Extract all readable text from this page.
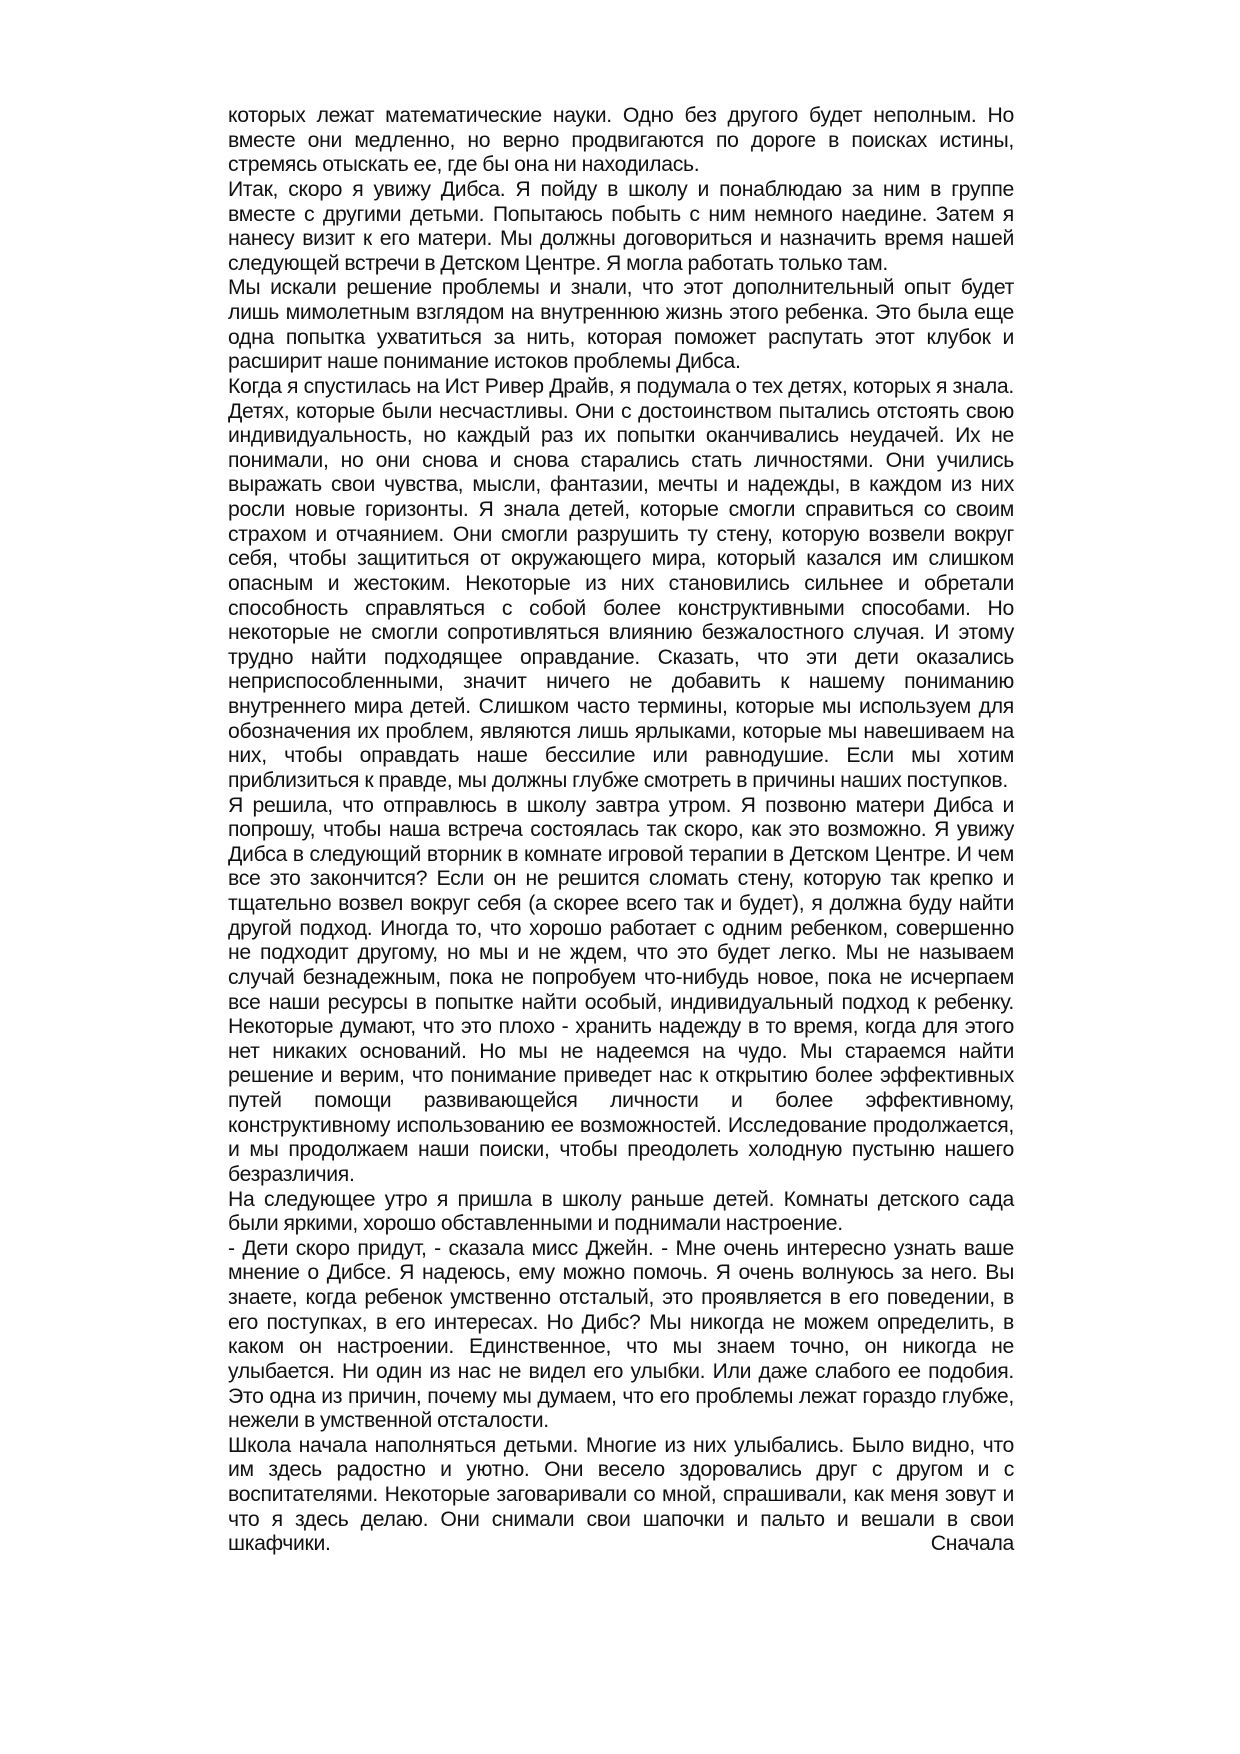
которых лежат математические науки. Одно без другого будет неполным. Но вместе они медленно, но верно продвигаются по дороге в поисках истины, стремясь отыскать ее, где бы она ни находилась.

Итак, скоро я увижу Дибса. Я пойду в школу и понаблюдаю за ним в группе вместе с другими детьми. Попытаюсь побыть с ним немного наедине. Затем я нанесу визит к его матери. Мы должны договориться и назначить время нашей следующей встречи в Детском Центре. Я могла работать только там.

Мы искали решение проблемы и знали, что этот дополнительный опыт будет лишь мимолетным взглядом на внутреннюю жизнь этого ребенка. Это была еще одна попытка ухватиться за нить, которая поможет распутать этот клубок и расширит наше понимание истоков проблемы Дибса.

Когда я спустилась на Ист Ривер Драйв, я подумала о тех детях, которых я знала. Детях, которые были несчастливы. Они с достоинством пытались отстоять свою индивидуальность, но каждый раз их попытки оканчивались неудачей. Их не понимали, но они снова и снова старались стать личностями. Они учились выражать свои чувства, мысли, фантазии, мечты и надежды, в каждом из них росли новые горизонты. Я знала детей, которые смогли справиться со своим страхом и отчаянием. Они смогли разрушить ту стену, которую возвели вокруг себя, чтобы защититься от окружающего мира, который казался им слишком опасным и жестоким. Некоторые из них становились сильнее и обретали способность справляться с собой более конструктивными способами. Но некоторые не смогли сопротивляться влиянию безжалостного случая. И этому трудно найти подходящее оправдание. Сказать, что эти дети оказались неприспособленными, значит ничего не добавить к нашему пониманию внутреннего мира детей. Слишком часто термины, которые мы используем для обозначения их проблем, являются лишь ярлыками, которые мы навешиваем на них, чтобы оправдать наше бессилие или равнодушие. Если мы хотим приблизиться к правде, мы должны глубже смотреть в причины наших поступков.

Я решила, что отправлюсь в школу завтра утром. Я позвоню матери Дибса и попрошу, чтобы наша встреча состоялась так скоро, как это возможно. Я увижу Дибса в следующий вторник в комнате игровой терапии в Детском Центре. И чем все это закончится? Если он не решится сломать стену, которую так крепко и тщательно возвел вокруг себя (а скорее всего так и будет), я должна буду найти другой подход. Иногда то, что хорошо работает с одним ребенком, совершенно не подходит другому, но мы и не ждем, что это будет легко. Мы не называем случай безнадежным, пока не попробуем что-нибудь новое, пока не исчерпаем все наши ресурсы в попытке найти особый, индивидуальный подход к ребенку. Некоторые думают, что это плохо - хранить надежду в то время, когда для этого нет никаких оснований. Но мы не надеемся на чудо. Мы стараемся найти решение и верим, что понимание приведет нас к открытию более эффективных путей помощи развивающейся личности и более эффективному, конструктивному использованию ее возможностей. Исследование продолжается, и мы продолжаем наши поиски, чтобы преодолеть холодную пустыню нашего безразличия.

На следующее утро я пришла в школу раньше детей. Комнаты детского сада были яркими, хорошо обставленными и поднимали настроение.

- Дети скоро придут, - сказала мисс Джейн. - Мне очень интересно узнать ваше мнение о Дибсе. Я надеюсь, ему можно помочь. Я очень волнуюсь за него. Вы знаете, когда ребенок умственно отсталый, это проявляется в его поведении, в его поступках, в его интересах. Но Дибс? Мы никогда не можем определить, в каком он настроении. Единственное, что мы знаем точно, он никогда не улыбается. Ни один из нас не видел его улыбки. Или даже слабого ее подобия. Это одна из причин, почему мы думаем, что его проблемы лежат гораздо глубже, нежели в умственной отсталости.

Школа начала наполняться детьми. Многие из них улыбались. Было видно, что им здесь радостно и уютно. Они весело здоровались друг с другом и с воспитателями. Некоторые заговаривали со мной, спрашивали, как меня зовут и что я здесь делаю. Они снимали свои шапочки и пальто и вешали в свои шкафчики. Сначала
